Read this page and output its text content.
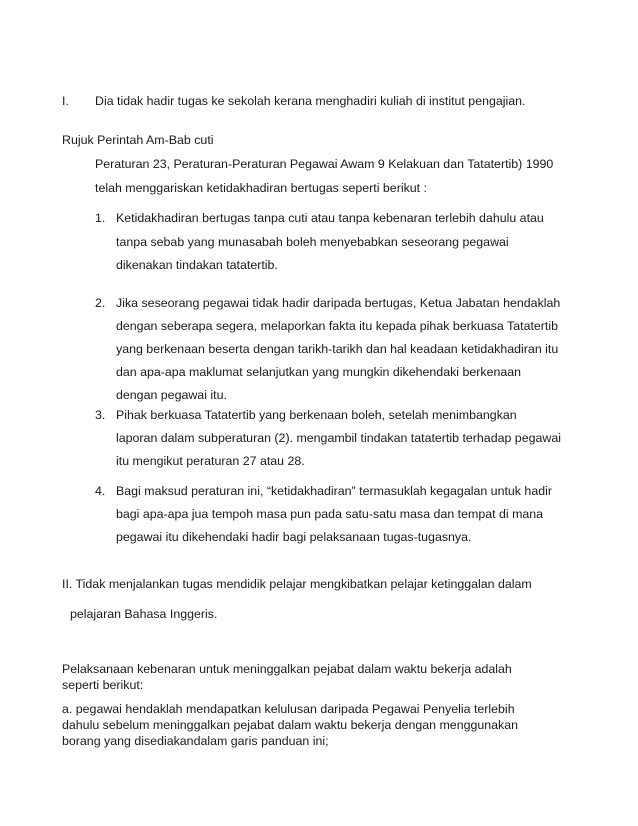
I. Dia tidak hadir tugas ke sekolah kerana menghadiri kuliah di institut pengajian.
Rujuk Perintah Am-Bab cuti
Peraturan 23, Peraturan-Peraturan Pegawai Awam 9 Kelakuan dan Tatatertib) 1990
telah menggariskan ketidakhadiran bertugas seperti berikut :
1. Ketidakhadiran bertugas tanpa cuti atau tanpa kebenaran terlebih dahulu atau
tanpa sebab yang munasabah boleh menyebabkan seseorang pegawai
dikenakan tindakan tatatertib.
2. Jika seseorang pegawai tidak hadir daripada bertugas, Ketua Jabatan hendaklah
dengan seberapa segera, melaporkan fakta itu kepada pihak berkuasa Tatatertib
yang berkenaan beserta dengan tarikh-tarikh dan hal keadaan ketidakhadiran itu
dan apa-apa maklumat selanjutkan yang mungkin dikehendaki berkenaan
dengan pegawai itu.
3. Pihak berkuasa Tatatertib yang berkenaan boleh, setelah menimbangkan
laporan dalam subperaturan (2). mengambil tindakan tatatertib terhadap pegawai
itu mengikut peraturan 27 atau 28.
4. Bagi maksud peraturan ini, “ketidakhadiran” termasuklah kegagalan untuk hadir
bagi apa-apa jua tempoh masa pun pada satu-satu masa dan tempat di mana
pegawai itu dikehendaki hadir bagi pelaksanaan tugas-tugasnya.
II. Tidak menjalankan tugas mendidik pelajar mengkibatkan pelajar ketinggalan dalam
pelajaran Bahasa Inggeris.
Pelaksanaan kebenaran untuk meninggalkan pejabat dalam waktu bekerja adalah
seperti berikut:
a. pegawai hendaklah mendapatkan kelulusan daripada Pegawai Penyelia terlebih
dahulu sebelum meninggalkan pejabat dalam waktu bekerja dengan menggunakan
borang yang disediakandalam garis panduan ini;
